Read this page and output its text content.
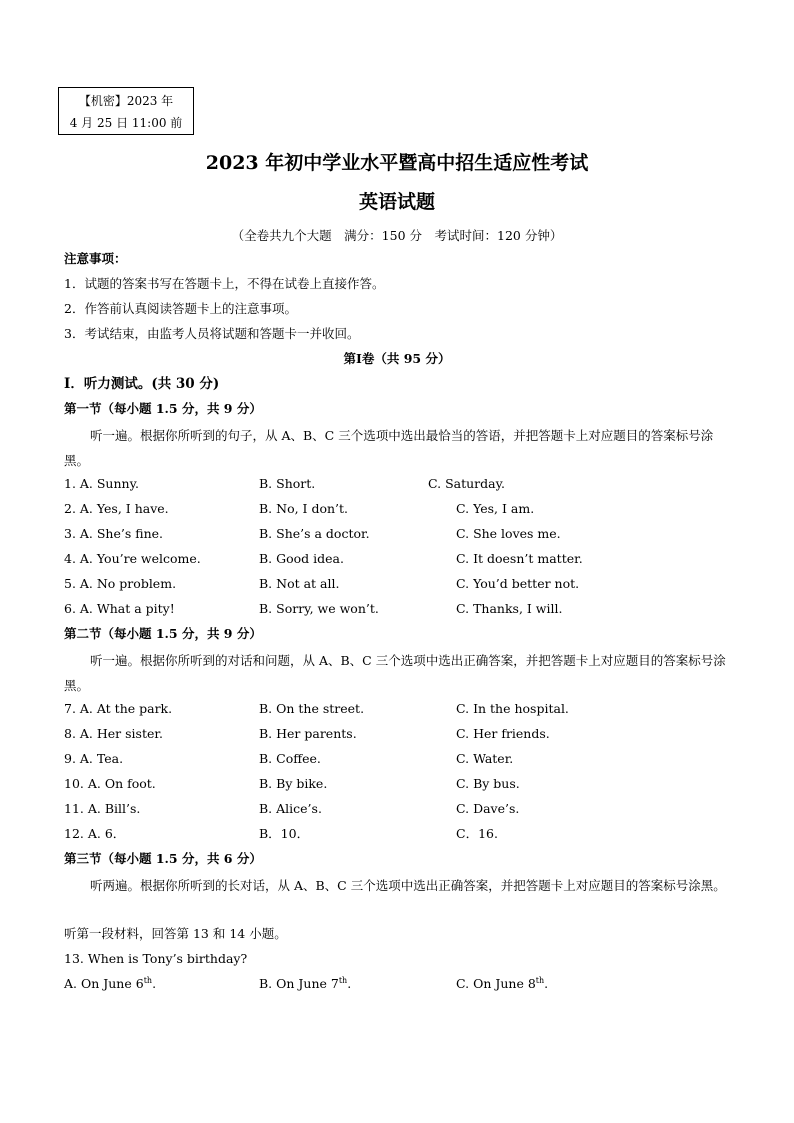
【机密】2023 年
4 月 25 日 11:00 前
2023 年初中学业水平暨高中招生适应性考试
英语试题
（全卷共九个大题　满分：150 分　考试时间：120 分钟）
注意事项：
1．试题的答案书写在答题卡上，不得在试卷上直接作答。
2．作答前认真阅读答题卡上的注意事项。
3．考试结束，由监考人员将试题和答题卡一并收回。
第Ⅰ卷（共 95 分）
Ⅰ．听力测试。(共 30 分)
第一节（每小题 1.5 分，共 9 分）
听一遍。根据你所听到的句子，从 A、B、C 三个选项中选出最恰当的答语，并把答题卡上对应题目的答案标号涂黑。
1. A. Sunny.	B. Short.	C. Saturday.
2. A. Yes, I have.	B. No, I don’t.	C. Yes, I am.
3. A. She’s fine.	B. She’s a doctor.	C. She loves me.
4. A. You’re welcome.	B. Good idea.	C. It doesn’t matter.
5. A. No problem.	B. Not at all.	C. You’d better not.
6. A. What a pity!	B. Sorry, we won’t.	C. Thanks, I will.
第二节（每小题 1.5 分，共 9 分）
听一遍。根据你所听到的对话和问题，从 A、B、C 三个选项中选出正确答案，并把答题卡上对应题目的答案标号涂黑。
7. A. At the park.	B. On the street.	C. In the hospital.
8. A. Her sister.	B. Her parents.	C. Her friends.
9. A. Tea.	B. Coffee.	C. Water.
10. A. On foot.	B. By bike.	C. By bus.
11. A. Bill’s.	B. Alice’s.	C. Dave’s.
12. A. 6．	B．10．	C．16.
第三节（每小题 1.5 分，共 6 分）
听两遍。根据你所听到的长对话，从 A、B、C 三个选项中选出正确答案，并把答题卡上对应题目的答案标号涂黑。
听第一段材料，回答第 13 和 14 小题。
13. When is Tony’s birthday?
A. On June 6th.	B. On June 7th.	C. On June 8th.
